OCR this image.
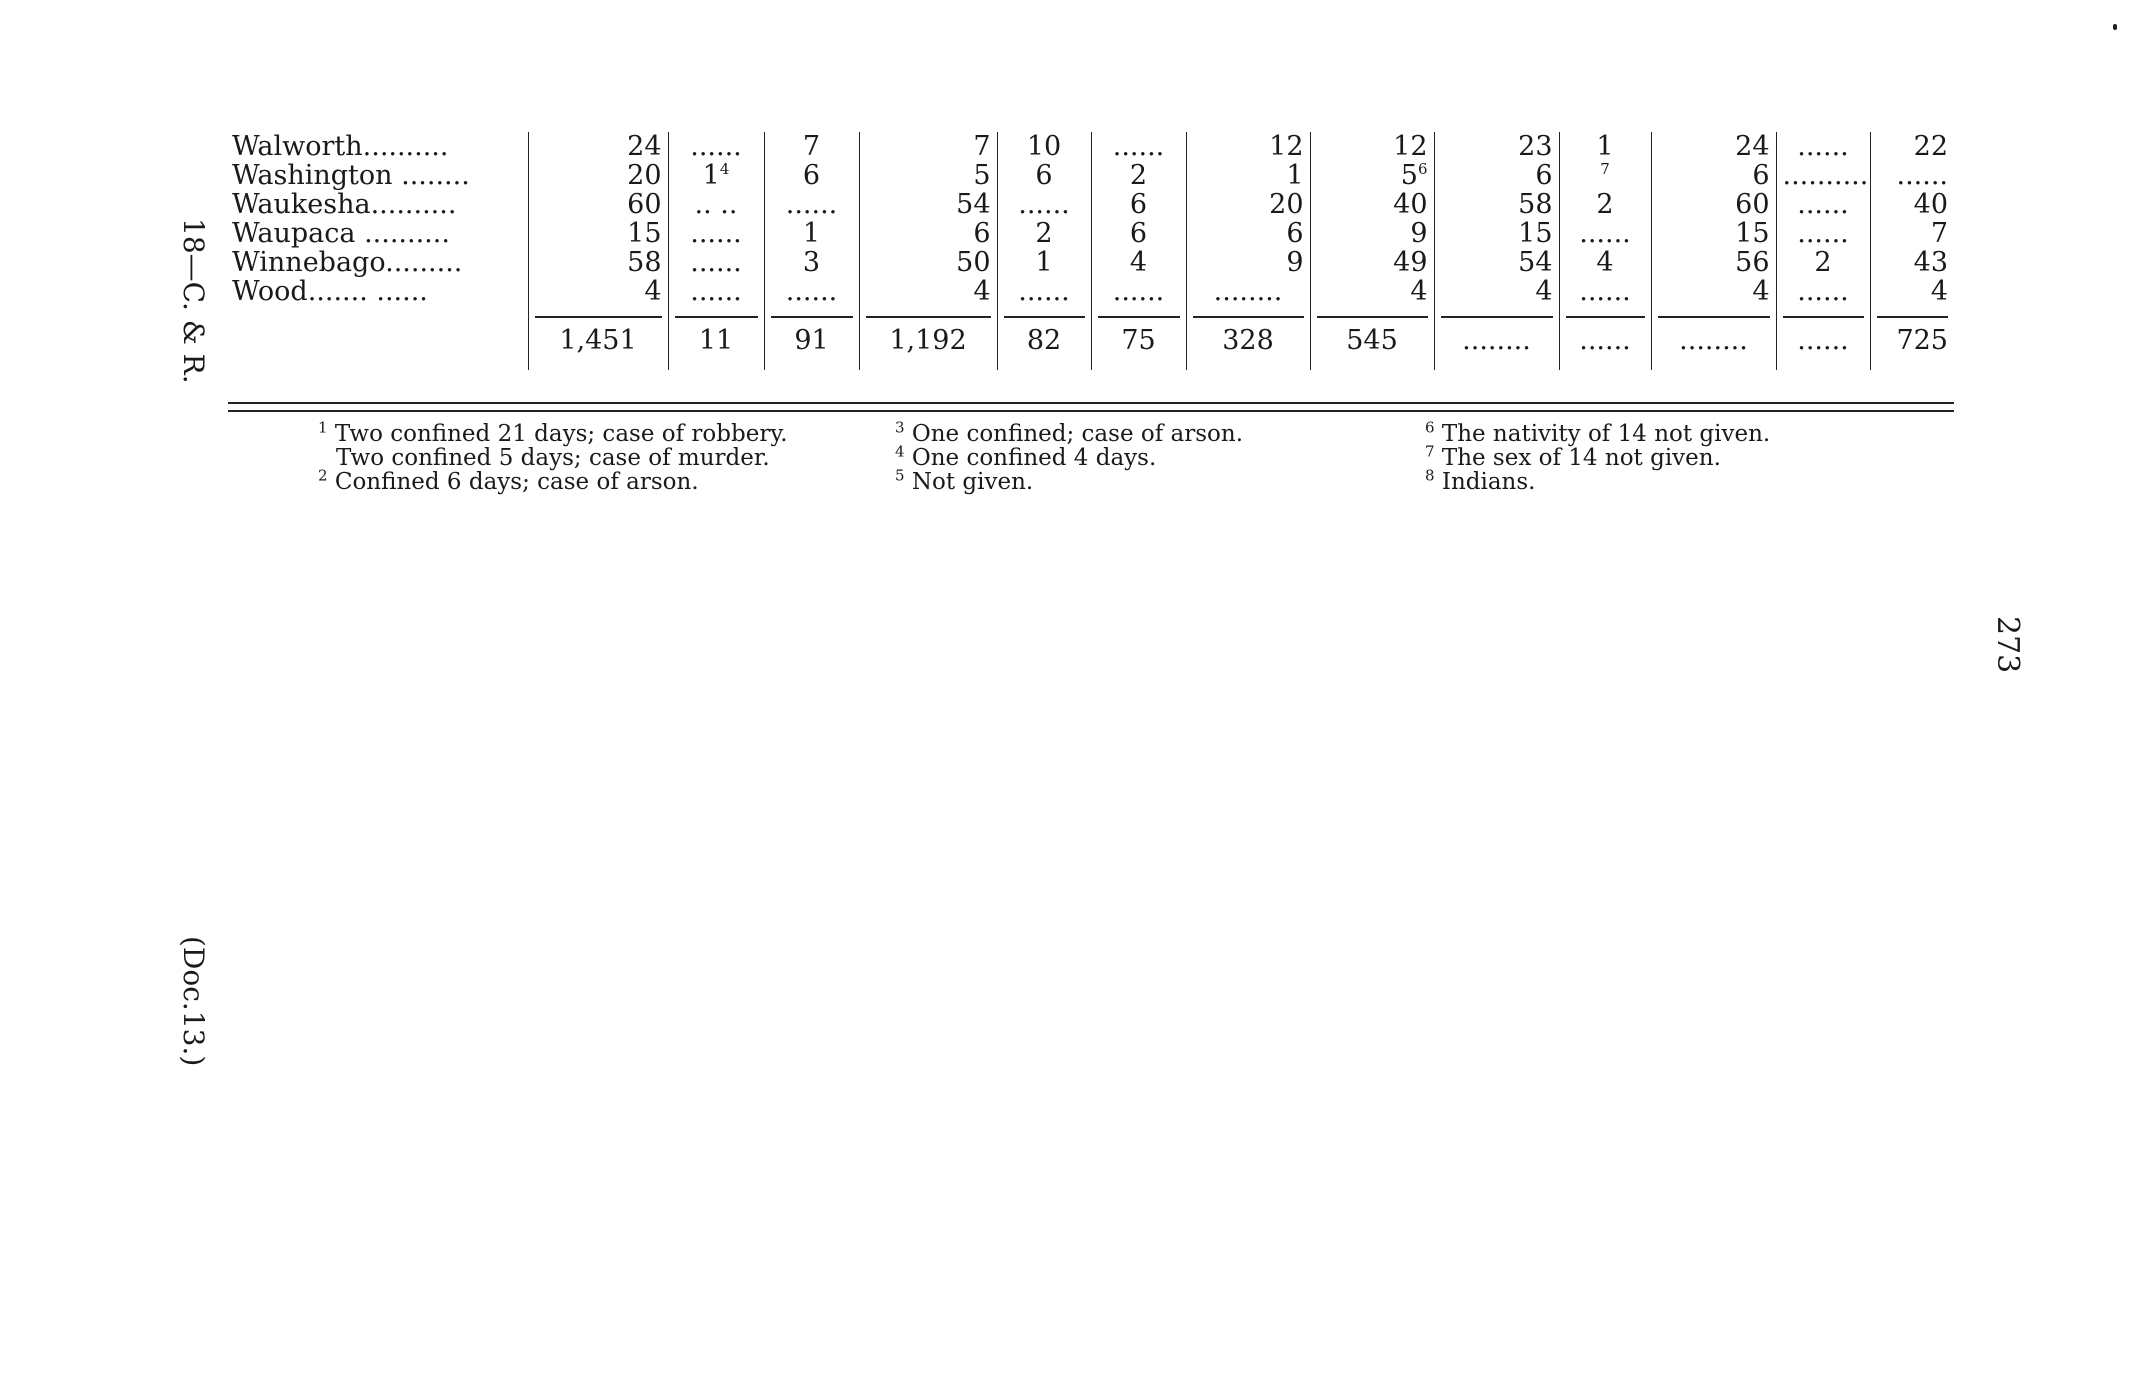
18—C. & R.
(Doc.13.)
273
Walworth..........	24	......	7	7	10	......	12	12	23	1	24	......	22
Washington ........	20	$1^4$	6	5	6	2	1	$5^6$	6	$^7$	6	..........	......
Waukesha..........	60	.. ..	......	54	......	6	20	40	58	2	60	......	40
Waupaca ..........	15	......	1	6	2	6	6	9	15	......	15	......	7
Winnebago.........	58	......	3	50	1	4	9	49	54	4	56	2	43
Wood....... ......	4	......	......	4	......	......	........	4	4	......	4	......	4

	1,451	11	91	1,192	82	75	328	545	........	......	........	......	725
$^1$ Two confined 21 days; case of robbery.
Two confined 5 days; case of murder.
$^2$ Confined 6 days; case of arson.
$^3$ One confined; case of arson.
$^4$ One confined 4 days.
$^5$ Not given.
$^6$ The nativity of 14 not given.
$^7$ The sex of 14 not given.
$^8$ Indians.
